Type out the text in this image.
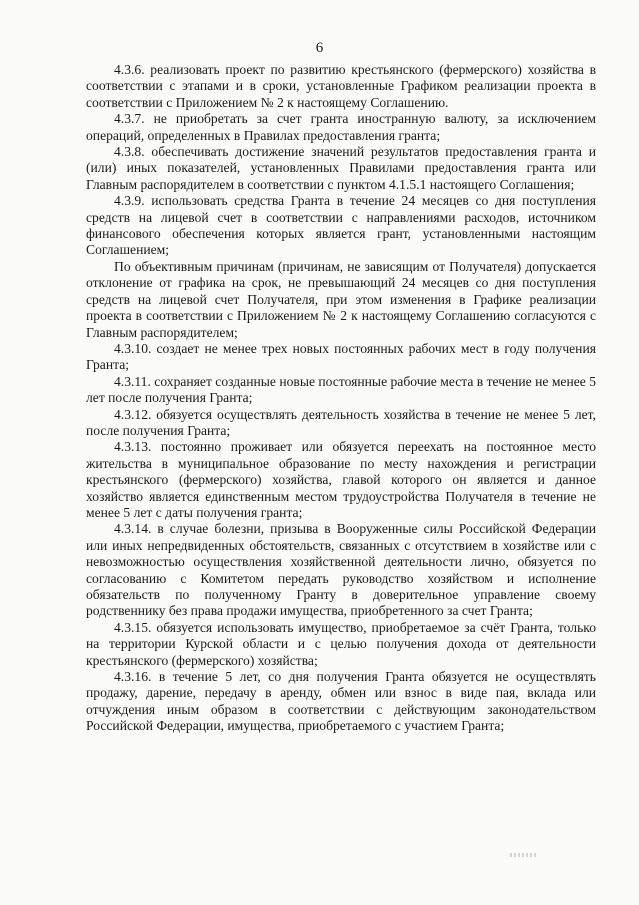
6

4.3.6. реализовать проект по развитию крестьянского (фермерского) хозяйства в соответствии с этапами и в сроки, установленные Графиком реализации проекта в соответствии с Приложением № 2 к настоящему Соглашению.

4.3.7. не приобретать за счет гранта иностранную валюту, за исключением операций, определенных в Правилах предоставления гранта;

4.3.8. обеспечивать достижение значений результатов предоставления гранта и (или) иных показателей, установленных Правилами предоставления гранта или Главным распорядителем в соответствии с пунктом 4.1.5.1 настоящего Соглашения;

4.3.9. использовать средства Гранта в течение 24 месяцев со дня поступления средств на лицевой счет в соответствии с направлениями расходов, источником финансового обеспечения которых является грант, установленными настоящим Соглашением;

По объективным причинам (причинам, не зависящим от Получателя) допускается отклонение от графика на срок, не превышающий 24 месяцев со дня поступления средств на лицевой счет Получателя, при этом изменения в Графике реализации проекта в соответствии с Приложением № 2 к настоящему Соглашению согласуются с Главным распорядителем;

4.3.10. создает не менее трех новых постоянных рабочих мест в году получения Гранта;

4.3.11. сохраняет созданные новые постоянные рабочие места в течение не менее 5 лет после получения Гранта;

4.3.12. обязуется осуществлять деятельность хозяйства в течение не менее 5 лет, после получения Гранта;

4.3.13. постоянно проживает или обязуется переехать на постоянное место жительства в муниципальное образование по месту нахождения и регистрации крестьянского (фермерского) хозяйства, главой которого он является и данное хозяйство является единственным местом трудоустройства Получателя в течение не менее 5 лет с даты получения гранта;

4.3.14. в случае болезни, призыва в Вооруженные силы Российской Федерации или иных непредвиденных обстоятельств, связанных с отсутствием в хозяйстве или с невозможностью осуществления хозяйственной деятельности лично, обязуется по согласованию с Комитетом передать руководство хозяйством и исполнение обязательств по полученному Гранту в доверительное управление своему родственнику без права продажи имущества, приобретенного за счет Гранта;

4.3.15. обязуется использовать имущество, приобретаемое за счёт Гранта, только на территории Курской области и с целью получения дохода от деятельности крестьянского (фермерского) хозяйства;

4.3.16. в течение 5 лет, со дня получения Гранта обязуется не осуществлять продажу, дарение, передачу в аренду, обмен или взнос в виде пая, вклада или отчуждения иным образом в соответствии с действующим законодательством Российской Федерации, имущества, приобретаемого с участием Гранта;
